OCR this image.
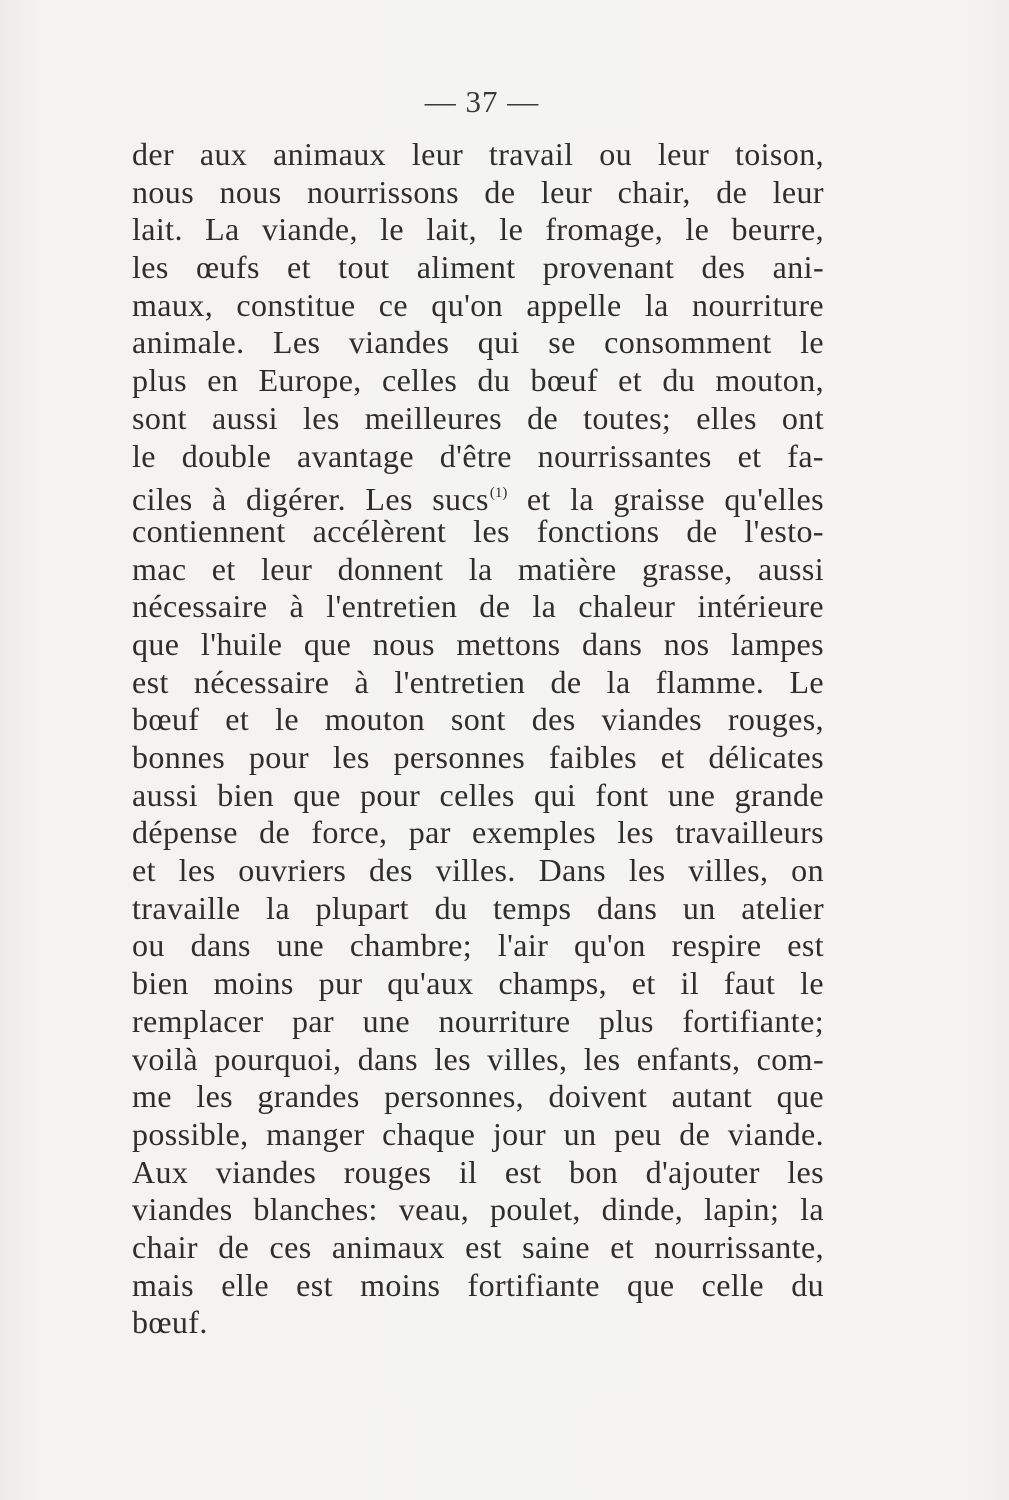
— 37 —
der aux animaux leur travail ou leur toison,
nous nous nourrissons de leur chair, de leur
lait. La viande, le lait, le fromage, le beurre,
les œufs et tout aliment provenant des ani-
maux, constitue ce qu'on appelle la nourriture
animale. Les viandes qui se consomment le
plus en Europe, celles du bœuf et du mouton,
sont aussi les meilleures de toutes; elles ont
le double avantage d'être nourrissantes et fa-
ciles à digérer. Les sucs$^{(1)}$ et la graisse qu'elles
contiennent accélèrent les fonctions de l'esto-
mac et leur donnent la matière grasse, aussi
nécessaire à l'entretien de la chaleur intérieure
que l'huile que nous mettons dans nos lampes
est nécessaire à l'entretien de la flamme. Le
bœuf et le mouton sont des viandes rouges,
bonnes pour les personnes faibles et délicates
aussi bien que pour celles qui font une grande
dépense de force, par exemples les travailleurs
et les ouvriers des villes. Dans les villes, on
travaille la plupart du temps dans un atelier
ou dans une chambre; l'air qu'on respire est
bien moins pur qu'aux champs, et il faut le
remplacer par une nourriture plus fortifiante;
voilà pourquoi, dans les villes, les enfants, com-
me les grandes personnes, doivent autant que
possible, manger chaque jour un peu de viande.
Aux viandes rouges il est bon d'ajouter les
viandes blanches: veau, poulet, dinde, lapin; la
chair de ces animaux est saine et nourrissante,
mais elle est moins fortifiante que celle du
bœuf.
